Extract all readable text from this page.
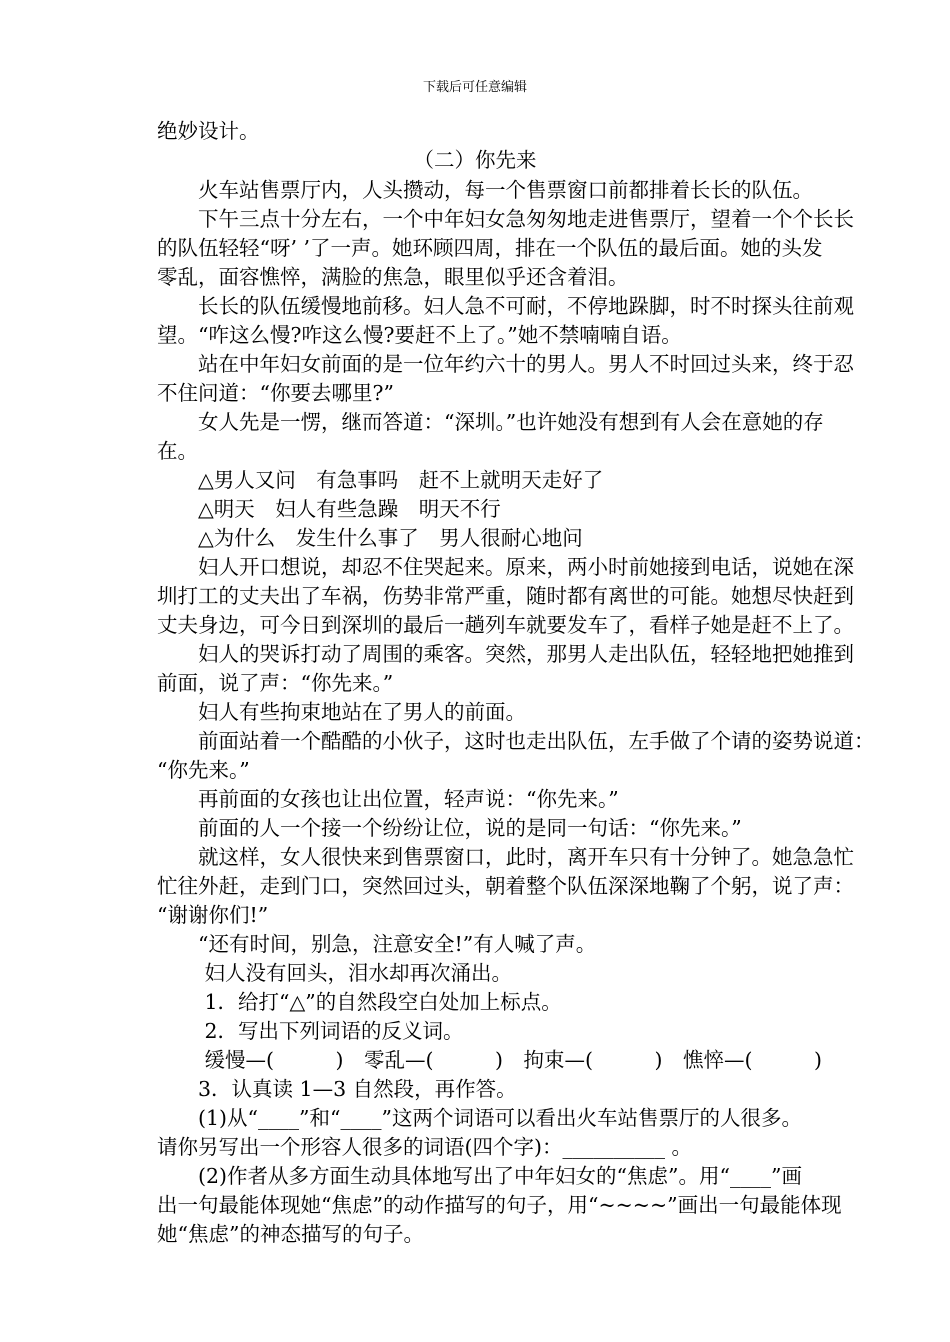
下载后可任意编辑
绝妙设计。
（二）你先来
　　火车站售票厅内，人头攒动，每一个售票窗口前都排着长长的队伍。
　　下午三点十分左右，一个中年妇女急匆匆地走进售票厅，望着一个个长长
的队伍轻轻“呀’ ’了一声。她环顾四周，排在一个队伍的最后面。她的头发
零乱，面容憔悴，满脸的焦急，眼里似乎还含着泪。
　　长长的队伍缓慢地前移。妇人急不可耐，不停地跺脚，时不时探头往前观
望。“咋这么慢?咋这么慢?要赶不上了。”她不禁喃喃自语。
　　站在中年妇女前面的是一位年约六十的男人。男人不时回过头来，终于忍
不住问道：“你要去哪里?”
　　女人先是一愣，继而答道：“深圳。”也许她没有想到有人会在意她的存
在。
　　△男人又问　有急事吗　赶不上就明天走好了
　　△明天　妇人有些急躁　明天不行
　　△为什么　发生什么事了　男人很耐心地问
　　妇人开口想说，却忍不住哭起来。原来，两小时前她接到电话，说她在深
圳打工的丈夫出了车祸，伤势非常严重，随时都有离世的可能。她想尽快赶到
丈夫身边，可今日到深圳的最后一趟列车就要发车了，看样子她是赶不上了。
　　妇人的哭诉打动了周围的乘客。突然，那男人走出队伍，轻轻地把她推到
前面，说了声：“你先来。”
　　妇人有些拘束地站在了男人的前面。
　　前面站着一个酷酷的小伙子，这时也走出队伍，左手做了个请的姿势说道：
“你先来。”
　　再前面的女孩也让出位置，轻声说：“你先来。”
　　前面的人一个接一个纷纷让位，说的是同一句话：“你先来。”
　　就这样，女人很快来到售票窗口，此时，离开车只有十分钟了。她急急忙
忙往外赶，走到门口，突然回过头，朝着整个队伍深深地鞠了个躬，说了声：
“谢谢你们!”
　　“还有时间，别急，注意安全!”有人喊了声。
　　 妇人没有回头，泪水却再次涌出。
　　 1．给打“△”的自然段空白处加上标点。
　　 2．写出下列词语的反义词。
　　 缓慢—(　　　)　零乱—(　　　)　拘束—(　　　)　憔悴—(　　　)
　　3．认真读 1—3 自然段，再作答。
　　(1)从“____”和“____”这两个词语可以看出火车站售票厅的人很多。
请你另写出一个形容人很多的词语(四个字)：__________ 。
　　(2)作者从多方面生动具体地写出了中年妇女的“焦虑”。用“____”画
出一句最能体现她“焦虑”的动作描写的句子，用“~~~~”画出一句最能体现
她“焦虑”的神态描写的句子。
